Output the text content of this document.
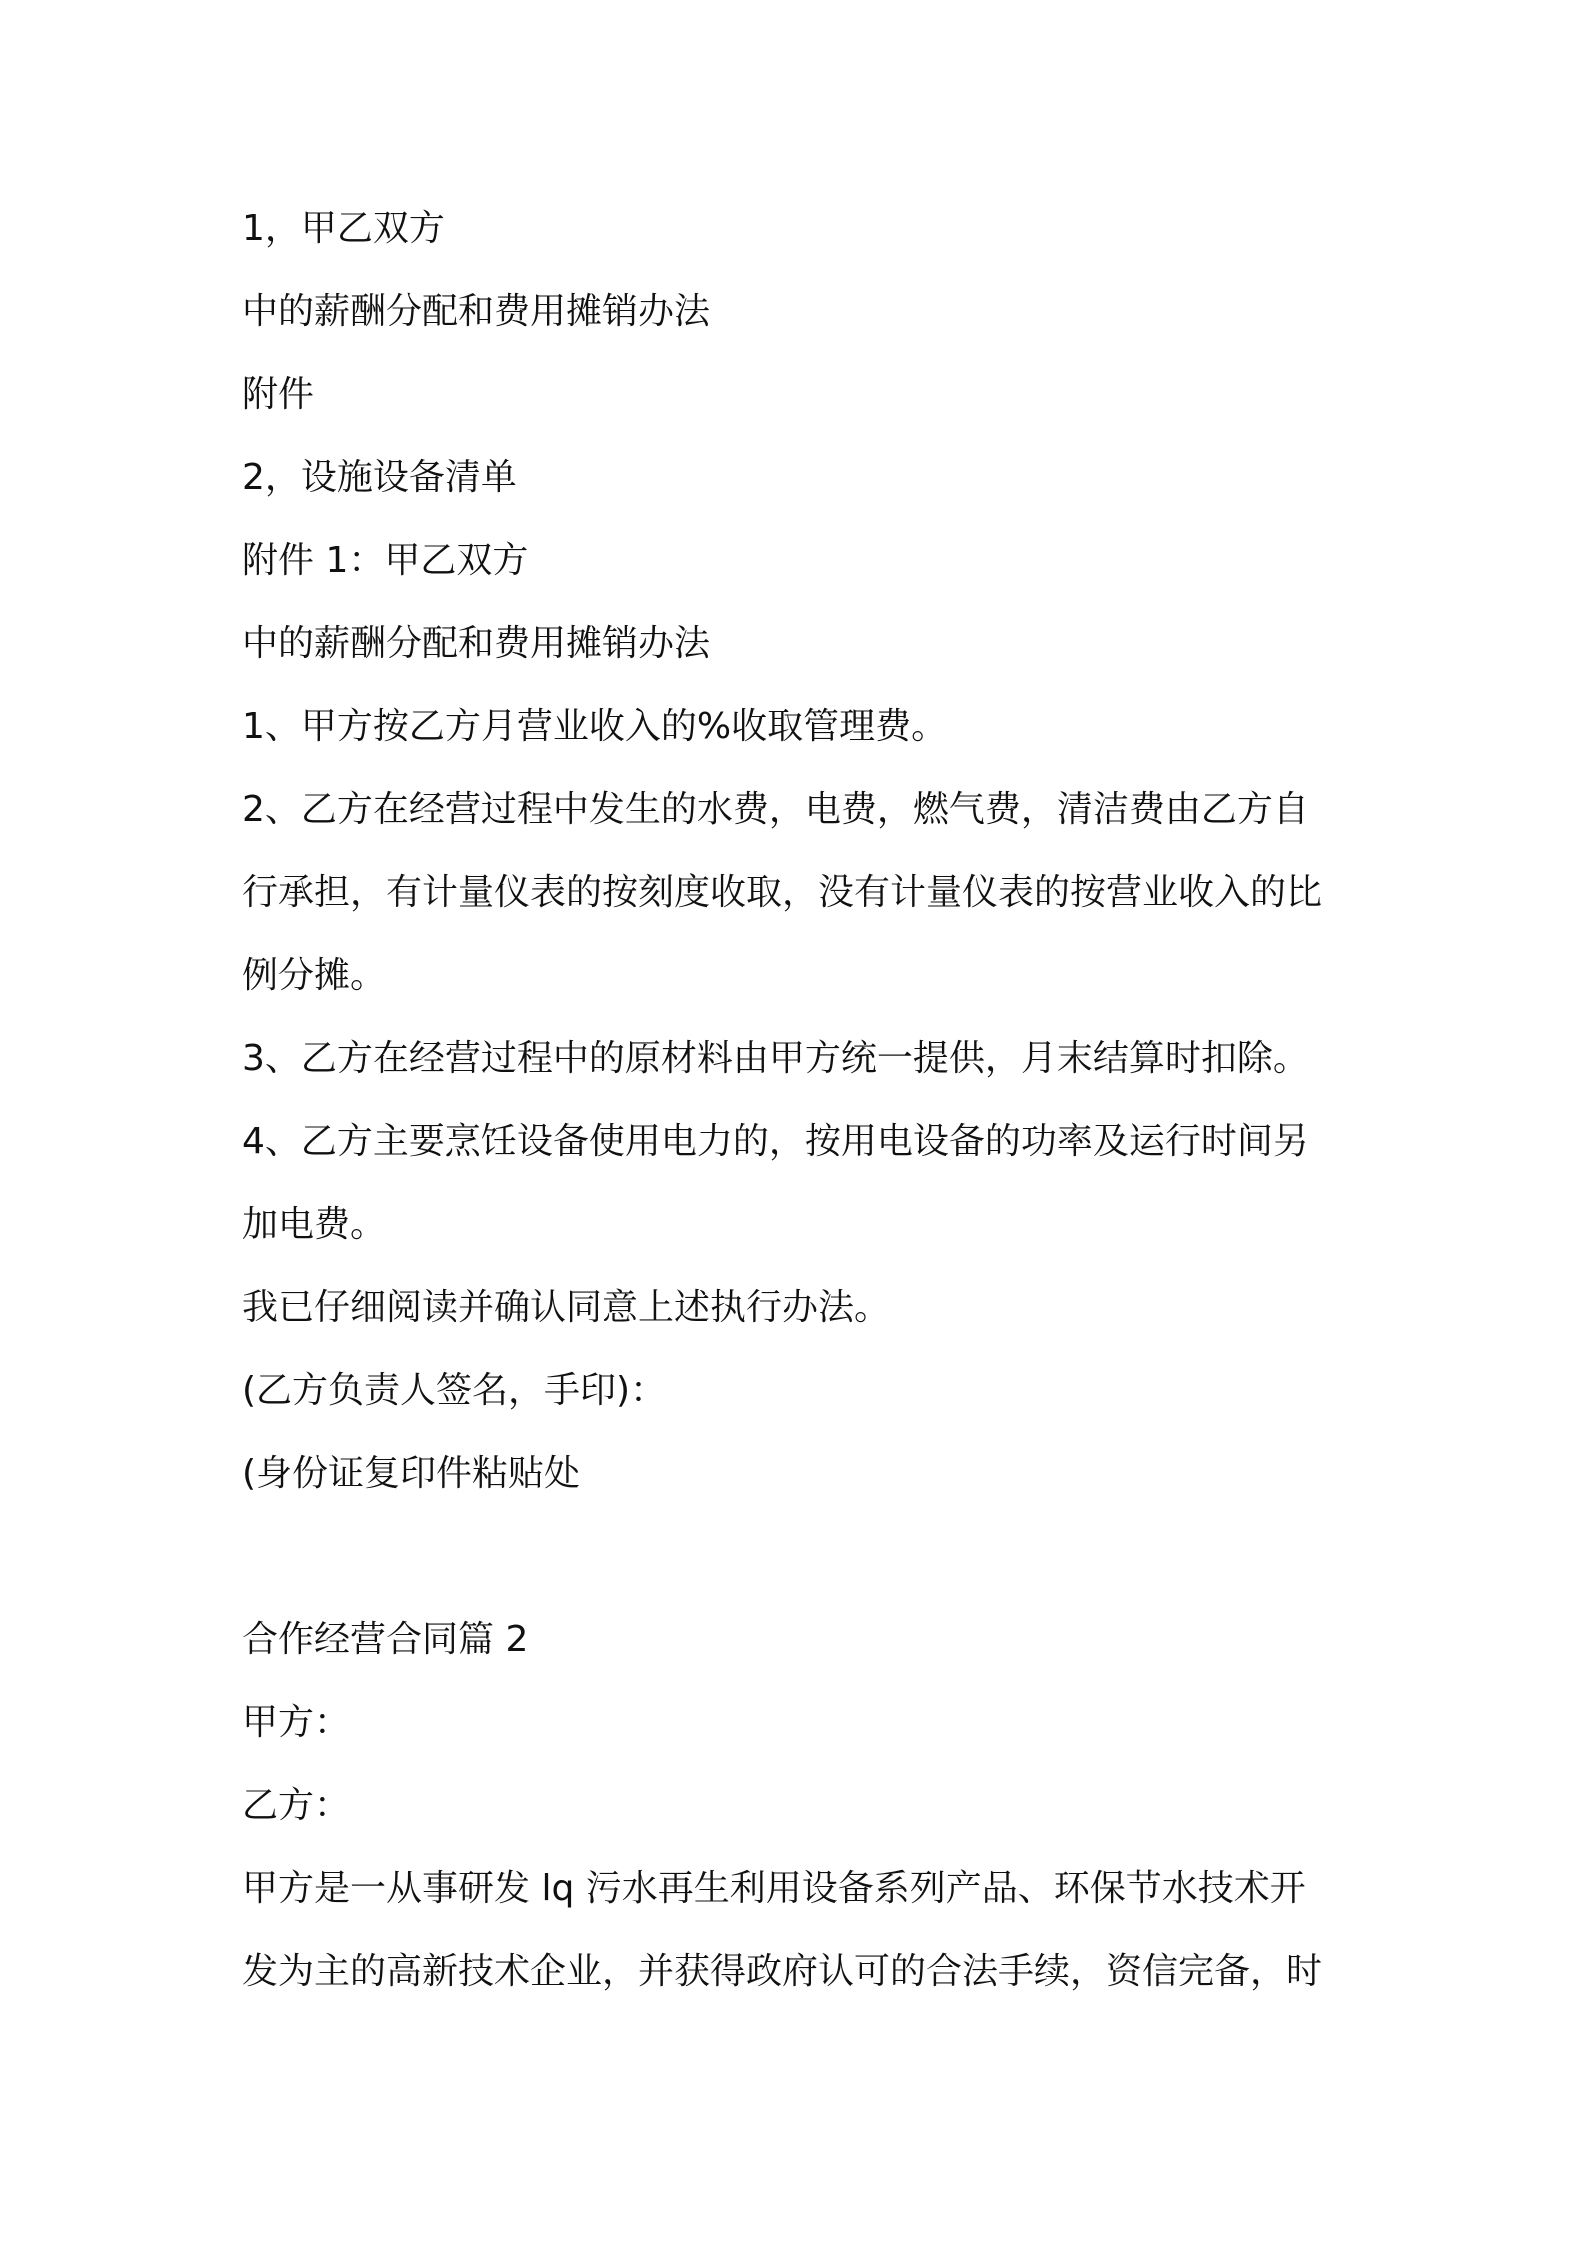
1，甲乙双方

中的薪酬分配和费用摊销办法

附件

2，设施设备清单

附件 1：甲乙双方

中的薪酬分配和费用摊销办法

1、甲方按乙方月营业收入的%收取管理费。

2、乙方在经营过程中发生的水费，电费，燃气费，清洁费由乙方自

行承担，有计量仪表的按刻度收取，没有计量仪表的按营业收入的比

例分摊。

3、乙方在经营过程中的原材料由甲方统一提供，月末结算时扣除。

4、乙方主要烹饪设备使用电力的，按用电设备的功率及运行时间另

加电费。

我已仔细阅读并确认同意上述执行办法。

(乙方负责人签名，手印)：

(身份证复印件粘贴处

合作经营合同篇 2

甲方：

乙方：

甲方是一从事研发 lq 污水再生利用设备系列产品、环保节水技术开

发为主的高新技术企业，并获得政府认可的合法手续，资信完备，时
